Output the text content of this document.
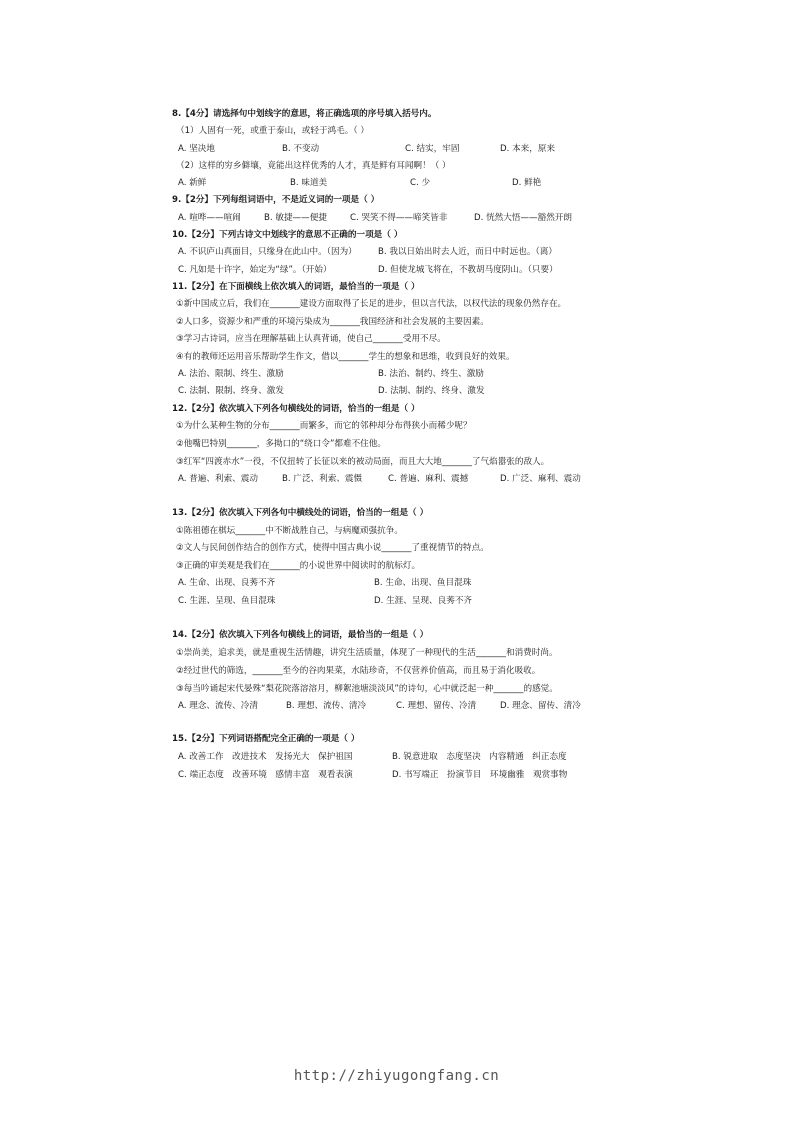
8.【4分】请选择句中划线字的意思，将正确选项的序号填入括号内。
（1）人固有一死，或重于泰山，或轻于鸿毛。（ ）
A. 坚决地	B. 不变动	C. 结实，牢固	D. 本来，原来
（2）这样的穷乡僻壤，竟能出这样优秀的人才，真是鲜有耳闻啊！（ ）
A. 新鲜	B. 味道美	C. 少	D. 鲜艳
9.【2分】下列每组词语中，不是近义词的一项是（ ）
A. 喧哗——喧闹	B. 敏捷——便捷	C. 哭笑不得——啼笑皆非	D. 恍然大悟——豁然开朗
10.【2分】下列古诗文中划线字的意思不正确的一项是（ ）
A. 不识庐山真面目，只缘身在此山中。（因为） B. 我以日始出时去人近，而日中时远也。（离）
C. 凡如是十许字，始定为“绿”。（开始）	D. 但使龙城飞将在，不教胡马度阴山。（只要）
11.【2分】在下面横线上依次填入的词语，最恰当的一项是（ ）
①新中国成立后，我们在_______建设方面取得了长足的进步，但以言代法，以权代法的现象仍然存在。
②人口多，资源少和严重的环境污染成为_______我国经济和社会发展的主要因素。
③学习古诗词，应当在理解基础上认真背诵，使自己_______受用不尽。
④有的教师还运用音乐帮助学生作文，借以_______学生的想象和思维，收到良好的效果。
A. 法治、限制、终生、激励	B. 法治、制约、终生、激励
C. 法制、限制、终身、激发	D. 法制、制约、终身、激发
12.【2分】依次填入下列各句横线处的词语，恰当的一组是（ ）
①为什么某种生物的分布_______而繁多，而它的邻种却分布得狭小而稀少呢？
②他嘴巴特别_______，多拗口的“绕口令”都难不住他。
③红军“四渡赤水”一役，不仅扭转了长征以来的被动局面，而且大大地_______了气焰嚣张的敌人。
A. 普遍、利索、震动	B. 广泛、利索、震慑	C. 普遍、麻利、震撼	D. 广泛、麻利、震动
13.【2分】依次填入下列各句中横线处的词语，恰当的一组是（ ）
①陈祖德在棋坛_______中不断战胜自己，与病魔顽强抗争。
②文人与民间创作结合的创作方式，使得中国古典小说_______了重视情节的特点。
③正确的审美观是我们在_______的小说世界中阅读时的航标灯。
A. 生命、出现、良莠不齐	B. 生命、出现、鱼目混珠
C. 生涯、呈现、鱼目混珠	D. 生涯、呈现、良莠不齐
14.【2分】依次填入下列各句横线上的词语，最恰当的一组是（ ）
①崇尚美，追求美，就是重视生活情趣，讲究生活质量，体现了一种现代的生活_______和消费时尚。
②经过世代的筛选，_______至今的谷肉果菜，水陆珍奇，不仅营养价值高，而且易于消化吸收。
③每当吟诵起宋代晏殊“梨花院落溶溶月，柳絮池塘淡淡风”的诗句，心中就泛起一种_______的感觉。
A. 理念、流传、冷清	B. 理想、流传、清冷	C. 理想、留传、冷清	D. 理念、留传、清冷
15.【2分】下列词语搭配完全正确的一项是（ ）
A. 改善工作　改进技术　发扬光大　保护祖国	B. 锐意进取　态度坚决　内容精通　纠正态度
C. 端正态度　改善环境　感情丰富　观看表演	D. 书写端正　扮演节目　环境幽雅　观赏事物
http://zhiyugongfang.cn
